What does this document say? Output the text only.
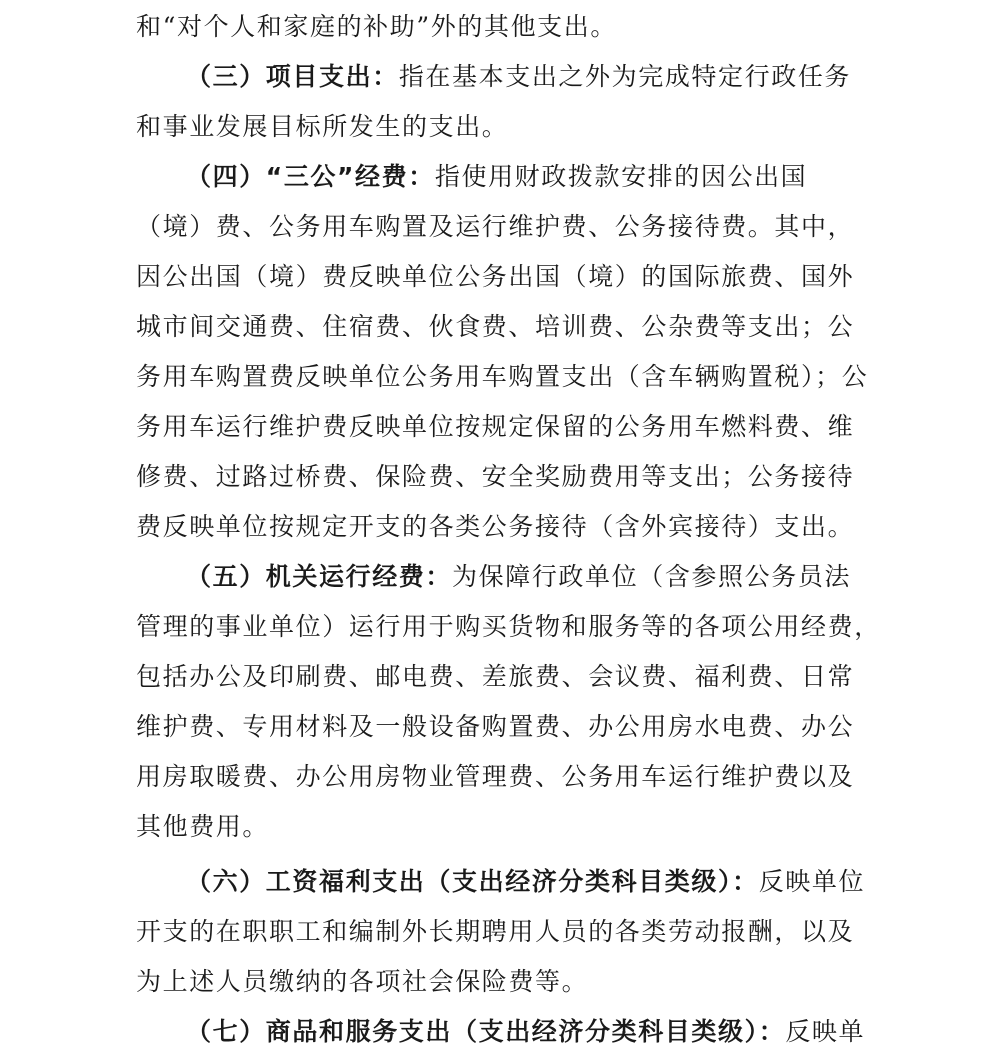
和“对个人和家庭的补助”外的其他支出。
（三）项目支出：指在基本支出之外为完成特定行政任务
和事业发展目标所发生的支出。
（四）“三公”经费：指使用财政拨款安排的因公出国
（境）费、公务用车购置及运行维护费、公务接待费。其中，
因公出国（境）费反映单位公务出国（境）的国际旅费、国外
城市间交通费、住宿费、伙食费、培训费、公杂费等支出；公
务用车购置费反映单位公务用车购置支出（含车辆购置税）；公
务用车运行维护费反映单位按规定保留的公务用车燃料费、维
修费、过路过桥费、保险费、安全奖励费用等支出；公务接待
费反映单位按规定开支的各类公务接待（含外宾接待）支出。
（五）机关运行经费：为保障行政单位（含参照公务员法
管理的事业单位）运行用于购买货物和服务等的各项公用经费，
包括办公及印刷费、邮电费、差旅费、会议费、福利费、日常
维护费、专用材料及一般设备购置费、办公用房水电费、办公
用房取暖费、办公用房物业管理费、公务用车运行维护费以及
其他费用。
（六）工资福利支出（支出经济分类科目类级）：反映单位
开支的在职职工和编制外长期聘用人员的各类劳动报酬，以及
为上述人员缴纳的各项社会保险费等。
（七）商品和服务支出（支出经济分类科目类级）：反映单
